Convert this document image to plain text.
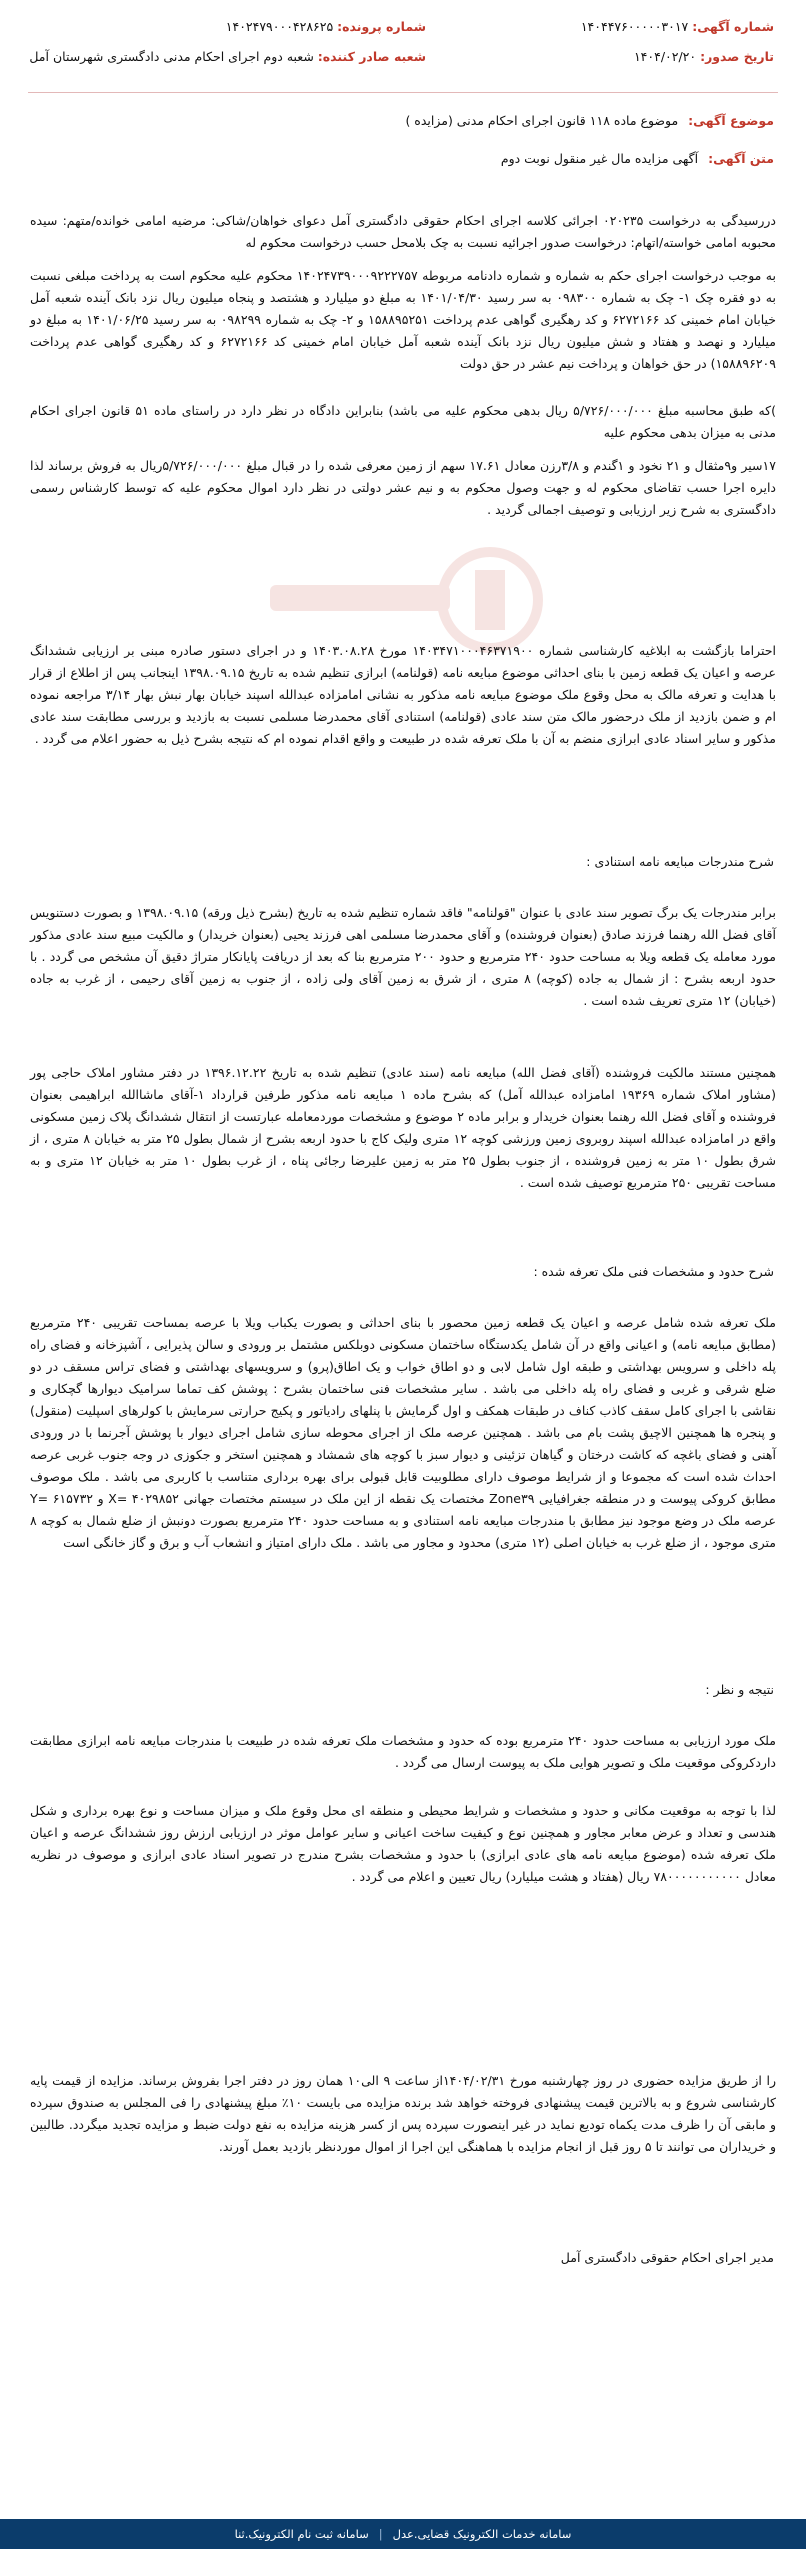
شماره آگهی: ۱۴۰۴۴۷۶۰۰۰۰۰۳۰۱۷
شماره پرونده: ۱۴۰۲۴۷۹۰۰۰۴۲۸۶۲۵
تاریخ صدور: ۱۴۰۴/۰۲/۲۰
شعبه صادر کننده: شعبه دوم اجرای احکام مدنی دادگستری شهرستان آمل
موضوع آگهی: موضوع ماده ۱۱۸ قانون اجرای احکام مدنی (مزایده )
متن آگهی: آگهی مزایده مال غیر منقول نوبت دوم
دررسیدگی به درخواست ۰۲۰۲۳۵ اجرائی کلاسه اجرای احکام حقوقی دادگستری آمل دعوای خواهان/شاکی: مرضیه امامی خوانده/متهم: سیده محبوبه امامی خواسته/اتهام: درخواست صدور اجرائیه نسبت به چک بلامحل حسب درخواست محکوم له
به موجب درخواست اجرای حکم به شماره و شماره دادنامه مربوطه ۱۴۰۲۴۷۳۹۰۰۰۹۲۲۲۷۵۷ محکوم علیه محکوم است به پرداخت مبلغی نسبت به دو فقره چک ۱- چک به شماره ۰۹۸۳۰۰ به سر رسید ۱۴۰۱/۰۴/۳۰ به مبلغ دو میلیارد و هشتصد و پنجاه میلیون ریال نزد بانک آینده شعبه آمل خیابان امام خمینی کد ۶۲۷۲۱۶۶ و کد رهگیری گواهی عدم پرداخت ۱۵۸۸۹۵۲۵۱ و ۲- چک به شماره ۰۹۸۲۹۹ به سر رسید ۱۴۰۱/۰۶/۲۵ به مبلغ دو میلیارد و نهصد و هفتاد و شش میلیون ریال نزد بانک آینده شعبه آمل خیابان امام خمینی کد ۶۲۷۲۱۶۶ و کد رهگیری گواهی عدم پرداخت ۱۵۸۸۹۶۲۰۹) در حق خواهان و پرداخت نیم عشر در حق دولت
)که طبق محاسبه مبلغ ۵/۷۲۶/۰۰۰/۰۰۰ ریال بدهی محکوم علیه می باشد) بنابراین دادگاه در نظر دارد در راستای ماده ۵۱ قانون اجرای احکام مدنی به میزان بدهی محکوم علیه
۱۷سیر و۹مثقال و ۲۱ نخود و ۱گندم و ۳/۸رزن معادل ۱۷.۶۱ سهم از زمین معرفی شده را در قبال مبلغ ۵/۷۲۶/۰۰۰/۰۰۰ریال به فروش برساند لذا دایره اجرا حسب تقاضای محکوم له و جهت وصول محکوم به و نیم عشر دولتی در نظر دارد اموال محکوم علیه که توسط کارشناس رسمی دادگستری به شرح زیر ارزیابی و توصیف اجمالی گردید .
احتراما بازگشت به ابلاغیه کارشناسی شماره ۱۴۰۳۴۷۱۰۰۰۴۶۳۷۱۹۰۰ مورخ ۱۴۰۳.۰۸.۲۸ و در اجرای دستور صادره مبنی بر ارزیابی ششدانگ عرصه و اعیان یک قطعه زمین با بنای احداثی موضوع مبایعه نامه (قولنامه) ابرازی تنظیم شده به تاریخ ۱۳۹۸.۰۹.۱۵ اینجانب پس از اطلاع از قرار با هدایت و تعرفه مالک به محل وقوع ملک موضوع مبایعه نامه مذکور به نشانی امامزاده عبدالله اسپند خیابان بهار نبش بهار ۳/۱۴ مراجعه نموده ام و ضمن بازدید از ملک درحضور مالک متن سند عادی (قولنامه) استنادی آقای محمدرضا مسلمی نسبت به بازدید و بررسی مطابقت سند عادی مذکور و سایر اسناد عادی ابرازی منضم به آن با ملک تعرفه شده در طبیعت و واقع اقدام نموده ام که نتیجه بشرح ذیل به حضور اعلام می گردد .
شرح مندرجات مبایعه نامه استنادی :
برابر مندرجات یک برگ تصویر سند عادی با عنوان "قولنامه" فاقد شماره تنظیم شده به تاریخ (بشرح ذیل ورقه) ۱۳۹۸.۰۹.۱۵ و بصورت دستنویس آقای فضل الله رهنما فرزند صادق (بعنوان فروشنده) و آقای محمدرضا مسلمی اهی فرزند یحیی (بعنوان خریدار) و مالکیت مبیع سند عادی مذکور مورد معامله یک قطعه ویلا به مساحت حدود ۲۴۰ مترمربع و حدود ۲۰۰ مترمربع بنا که بعد از دریافت پایانکار متراژ دقیق آن مشخص می گردد . با حدود اربعه بشرح : از شمال به جاده (کوچه) ۸ متری ، از شرق به زمین آقای ولی زاده ، از جنوب به زمین آقای رحیمی ، از غرب به جاده (خیابان) ۱۲ متری تعریف شده است .
همچنین مستند مالکیت فروشنده (آقای فضل الله) مبایعه نامه (سند عادی) تنظیم شده به تاریخ ۱۳۹۶.۱۲.۲۲ در دفتر مشاور املاک حاجی پور (مشاور املاک شماره ۱۹۳۶۹ امامزاده عبدالله آمل) که بشرح ماده ۱ مبایعه نامه مذکور طرفین قرارداد ۱-آقای ماشاالله ابراهیمی بعنوان فروشنده و آقای فضل الله رهنما بعنوان خریدار و برابر ماده ۲ موضوع و مشخصات موردمعامله عبارتست از انتقال ششدانگ پلاک زمین مسکونی واقع در امامزاده عبدالله اسپند روبروی زمین ورزشی کوچه ۱۲ متری ولیک کاج با حدود اربعه بشرح از شمال بطول ۲۵ متر به خیابان ۸ متری ، از شرق بطول ۱۰ متر به زمین فروشنده ، از جنوب بطول ۲۵ متر به زمین علیرضا رجائی پناه ، از غرب بطول ۱۰ متر به خیابان ۱۲ متری و به مساحت تقریبی ۲۵۰ مترمربع توصیف شده است .
شرح حدود و مشخصات فنی ملک تعرفه شده :
ملک تعرفه شده شامل عرصه و اعیان یک قطعه زمین محصور با بنای احداثی و بصورت یکباب ویلا با عرصه بمساحت تقریبی ۲۴۰ مترمربع (مطابق مبایعه نامه) و اعیانی واقع در آن شامل یکدستگاه ساختمان مسکونی دوبلکس مشتمل بر ورودی و سالن پذیرایی ، آشپزخانه و فضای راه پله داخلی و سرویس بهداشتی و طبقه اول شامل لابی و دو اطاق خواب و یک اطاق(پرو) و سرویسهای بهداشتی و فضای تراس مسقف در دو ضلع شرقی و غربی و فضای راه پله داخلی می باشد . سایر مشخصات فنی ساختمان بشرح : پوشش کف تماما سرامیک دیوارها گچکاری و نقاشی با اجرای کامل سقف کاذب کناف در طبقات همکف و اول گرمایش با پنلهای رادیاتور و پکیج حرارتی سرمایش با کولرهای اسپلیت (منقول) و پنجره ها همچنین الاچیق پشت بام می باشد . همچنین عرصه ملک از اجرای محوطه سازی شامل اجرای دیوار با پوشش آجرنما با در ورودی آهنی و فضای باغچه که کاشت درختان و گیاهان تزئینی و دیوار سبز با کوچه های شمشاد و همچنین استخر و جکوزی در وجه جنوب غربی عرصه احداث شده است که مجموعا و از شرایط موصوف دارای مطلوبیت قابل قبولی برای بهره برداری متناسب با کاربری می باشد . ملک موصوف مطابق کروکی پیوست و در منطقه جغرافیایی Zone۳۹ مختصات یک نقطه از این ملک در سیستم مختصات جهانی X= ۴۰۲۹۸۵۲ و Y= ۶۱۵۷۳۲ عرصه ملک در وضع موجود نیز مطابق با مندرجات مبایعه نامه استنادی و به مساحت حدود ۲۴۰ مترمربع بصورت دونبش از ضلع شمال به کوچه ۸ متری موجود ، از ضلع غرب به خیابان اصلی (۱۲ متری) محدود و مجاور می باشد . ملک دارای امتیاز و انشعاب آب و برق و گاز خانگی است
نتیجه و نظر :
ملک مورد ارزیابی به مساحت حدود ۲۴۰ مترمربع بوده که حدود و مشخصات ملک تعرفه شده در طبیعت با مندرجات مبایعه نامه ابرازی مطابقت داردکروکی موقعیت ملک و تصویر هوایی ملک به پیوست ارسال می گردد .
لذا با توجه به موقعیت مکانی و حدود و مشخصات و شرایط محیطی و منطقه ای محل وقوع ملک و میزان مساحت و نوع بهره برداری و شکل هندسی و تعداد و عرض معابر مجاور و همچنین نوع و کیفیت ساخت اعیانی و سایر عوامل موثر در ارزیابی ارزش روز ششدانگ عرصه و اعیان ملک تعرفه شده (موضوع مبایعه نامه های عادی ابرازی) با حدود و مشخصات بشرح مندرج در تصویر اسناد عادی ابرازی و موصوف در نظریه معادل ۷۸۰۰۰۰۰۰۰۰۰۰۰ ریال (هفتاد و هشت میلیارد) ریال تعیین و اعلام می گردد .
را از طریق مزایده حضوری در روز چهارشنبه مورخ ۱۴۰۴/۰۲/۳۱از ساعت ۹ الی۱۰ همان روز در دفتر اجرا بفروش برساند. مزایده از قیمت پایه کارشناسی شروع و به بالاترین قیمت پیشنهادی فروخته خواهد شد برنده مزایده می بایست ۱۰٪ مبلغ پیشنهادی را فی المجلس به صندوق سپرده و مابقی آن را ظرف مدت یکماه تودیع نماید در غیر اینصورت سپرده پس از کسر هزینه مزایده به نفع دولت ضبط و مزایده تجدید میگردد. طالبین و خریداران می توانند تا ۵ روز قبل از انجام مزایده با هماهنگی این اجرا از اموال موردنظر بازدید بعمل آورند.
مدیر اجرای احکام حقوقی دادگستری آمل
سامانه خدمات الکترونیک قضایی.عدل
|
سامانه ثبت نام الکترونیک.ثنا
